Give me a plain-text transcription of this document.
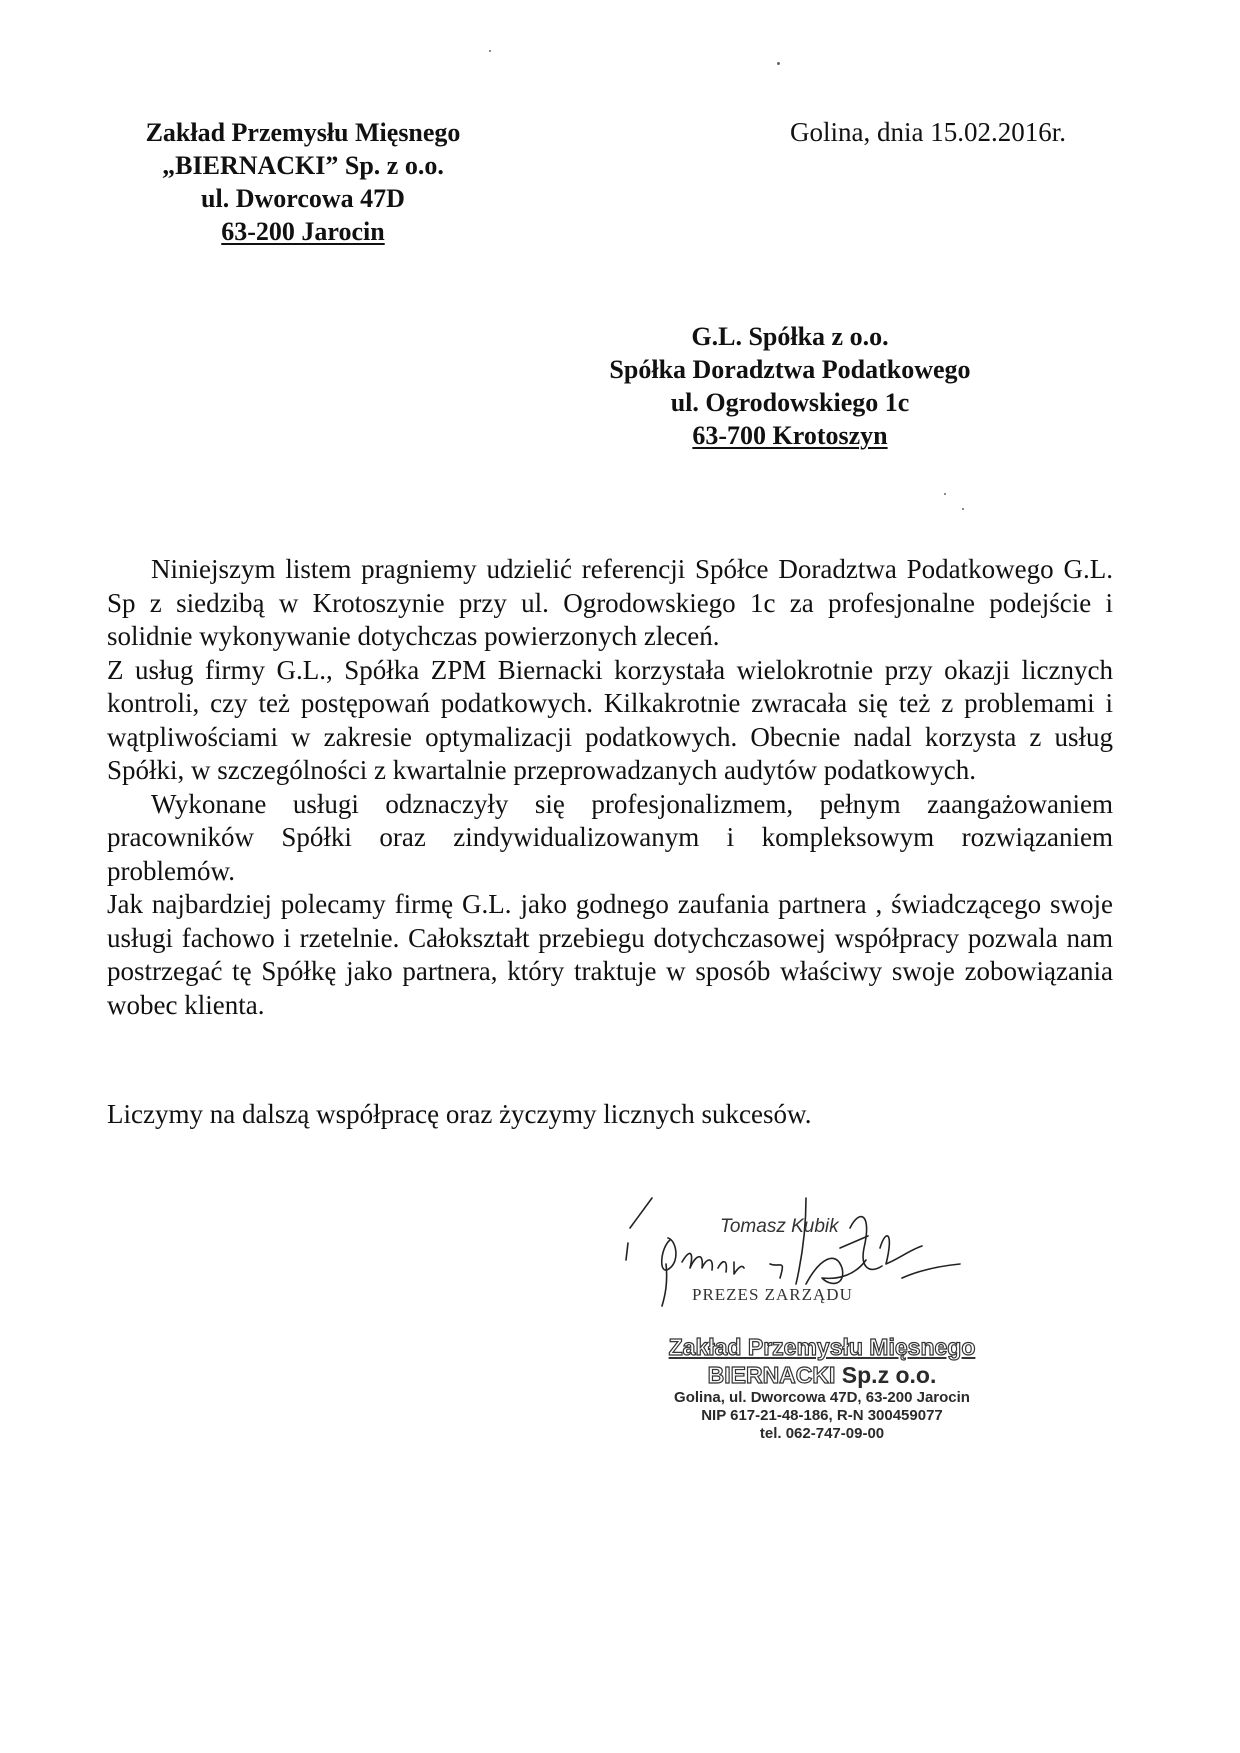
Zakład Przemysłu Mięsnego
„BIERNACKI” Sp. z o.o.
ul. Dworcowa 47D
63-200 Jarocin
Golina, dnia 15.02.2016r.
G.L. Spółka z o.o.
Spółka Doradztwa Podatkowego
ul. Ogrodowskiego 1c
63-700 Krotoszyn

Niniejszym listem pragniemy udzielić referencji Spółce Doradztwa Podatkowego G.L. Sp z siedzibą w Krotoszynie przy ul. Ogrodowskiego 1c za profesjonalne podejście i solidnie wykonywanie dotychczas powierzonych zleceń.

Z usług firmy G.L., Spółka ZPM Biernacki korzystała wielokrotnie przy okazji licznych kontroli, czy też postępowań podatkowych. Kilkakrotnie zwracała się też z problemami i wątpliwościami w zakresie optymalizacji podatkowych. Obecnie nadal korzysta z usług Spółki, w szczególności z kwartalnie przeprowadzanych audytów podatkowych.

Wykonane usługi odznaczyły się profesjonalizmem, pełnym zaangażowaniem pracowników Spółki oraz zindywidualizowanym i kompleksowym rozwiązaniem problemów.

Jak najbardziej polecamy firmę G.L. jako godnego zaufania partnera , świadczącego swoje usługi fachowo i rzetelnie. Całokształt przebiegu dotychczasowej współpracy pozwala nam postrzegać tę Spółkę jako partnera, który traktuje w sposób właściwy swoje zobowiązania wobec klienta.

Liczymy na dalszą współpracę oraz życzymy licznych sukcesów.
Tomasz Kubik
PREZES ZARZĄDU
Zakład Przemysłu Mięsnego
BIERNACKI Sp.z o.o.
Golina, ul. Dworcowa 47D, 63-200 Jarocin
NIP 617-21-48-186, R-N 300459077
tel. 062-747-09-00
